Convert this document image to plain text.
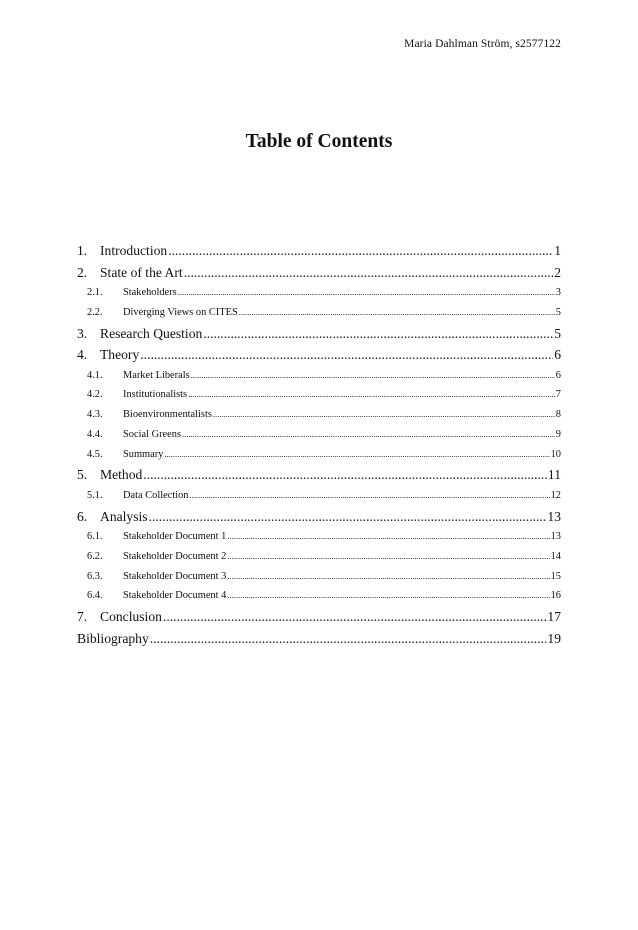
Maria Dahlman Ström, s2577122
Table of Contents
1. Introduction .....	1
2. State of the Art .....	2
2.1.	Stakeholders .....	3
2.2.	Diverging Views on CITES .....	5
3. Research Question .....	5
4. Theory .....	6
4.1.	Market Liberals .....	6
4.2.	Institutionalists .....	7
4.3.	Bioenvironmentalists .....	8
4.4.	Social Greens .....	9
4.5.	Summary .....	10
5. Method .....	11
5.1.	Data Collection .....	12
6. Analysis .....	13
6.1.	Stakeholder Document 1 .....	13
6.2.	Stakeholder Document 2 .....	14
6.3.	Stakeholder Document 3 .....	15
6.4.	Stakeholder Document 4 .....	16
7. Conclusion .....	17
Bibliography .....	19
